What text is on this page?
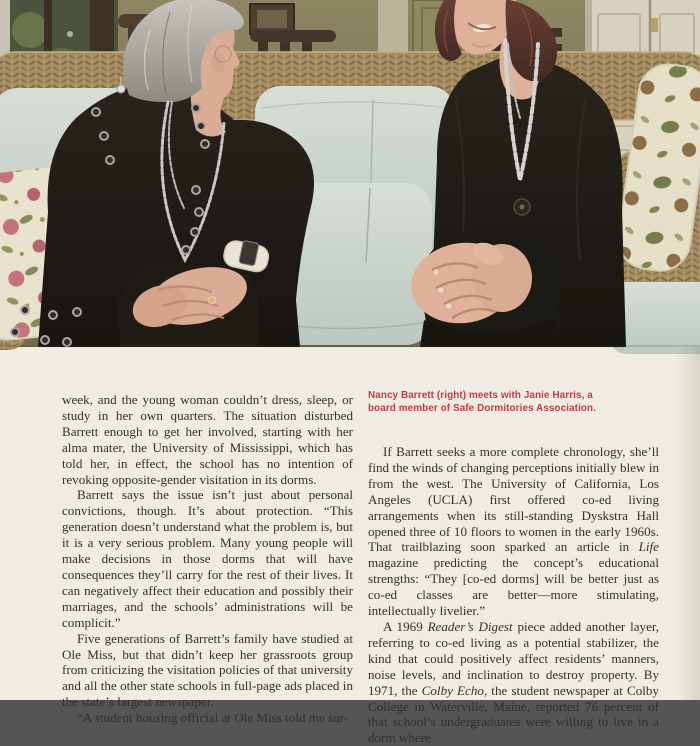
Nancy Barrett (right) meets with Janie Harris, a board member of Safe Dormitories Association.

week, and the young woman couldn’t dress, sleep, or study in her own quarters. The situation disturbed Barrett enough to get her involved, starting with her alma mater, the University of Mississippi, which has told her, in effect, the school has no intention of revoking opposite-gender visitation in its dorms.

Barrett says the issue isn’t just about personal convictions, though. It’s about protection. “This generation doesn’t understand what the problem is, but it is a very serious problem. Many young people will make decisions in those dorms that will have consequences they’ll carry for the rest of their lives. It can negatively affect their education and possibly their marriages, and the schools’ administrations will be complicit.”

Five generations of Barrett’s family have studied at Ole Miss, but that didn’t keep her grassroots group from criticizing the visitation policies of that university and all the other state schools in full-page ads placed in the state’s largest newspaper.

“A student housing official at Ole Miss told me sur-

If Barrett seeks a more complete chronology, she’ll find the winds of changing perceptions initially blew in from the west. The University of California, Los Angeles (UCLA) first offered co-ed living arrangements when its still-standing Dyskstra Hall opened three of 10 floors to women in the early 1960s. That trailblazing soon sparked an article in Life magazine predicting the concept’s educational strengths: “They [co-ed dorms] will be better just as co-ed classes are better—more stimulating, intellectually livelier.”

A 1969 Reader’s Digest piece added another layer, referring to co-ed living as a potential stabilizer, the kind that could positively affect residents’ manners, noise levels, and inclination to destroy property. By 1971, the Colby Echo, the student newspaper at Colby College in Waterville, Maine, reported 76 percent of that school’s undergraduates were willing to live in a dorm where
